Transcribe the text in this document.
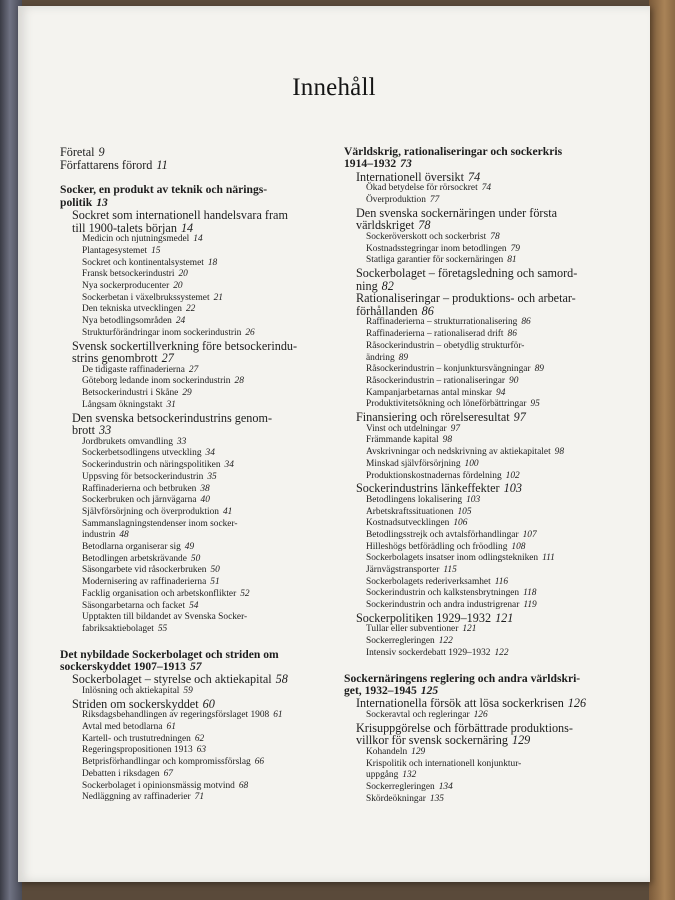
Innehåll
Företal 9
Författarens förord 11
Socker, en produkt av teknik och närings-
politik 13
Sockret som internationell handelsvara fram
till 1900-talets början 14
Medicin och njutningsmedel 14
Plantagesystemet 15
Sockret och kontinentalsystemet 18
Fransk betsockerindustri 20
Nya sockerproducenter 20
Sockerbetan i växelbrukssystemet 21
Den tekniska utvecklingen 22
Nya betodlingsområden 24
Strukturförändringar inom sockerindustrin 26
Svensk sockertillverkning före betsockerindu-
strins genombrott 27
De tidigaste raffinaderierna 27
Göteborg ledande inom sockerindustrin 28
Betsockerindustri i Skåne 29
Långsam ökningstakt 31
Den svenska betsockerindustrins genom-
brott 33
Jordbrukets omvandling 33
Sockerbetsodlingens utveckling 34
Sockerindustrin och näringspolitiken 34
Uppsving för betsockerindustrin 35
Raffinaderierna och betbruken 38
Sockerbruken och järnvägarna 40
Självförsörjning och överproduktion 41
Sammanslagningstendenser inom socker-
industrin 48
Betodlarna organiserar sig 49
Betodlingen arbetskrävande 50
Säsongarbete vid råsockerbruken 50
Modernisering av raffinaderierna 51
Facklig organisation och arbetskonflikter 52
Säsongarbetarna och facket 54
Upptakten till bildandet av Svenska Socker-
fabriksaktiebolaget 55
Det nybildade Sockerbolaget och striden om
sockerskyddet 1907–1913 57
Sockerbolaget – styrelse och aktiekapital 58
Inlösning och aktiekapital 59
Striden om sockerskyddet 60
Riksdagsbehandlingen av regeringsförslaget 1908 61
Avtal med betodlarna 61
Kartell- och trustutredningen 62
Regeringspropositionen 1913 63
Betprisförhandlingar och kompromissförslag 66
Debatten i riksdagen 67
Sockerbolaget i opinionsmässig motvind 68
Nedläggning av raffinaderier 71
Världskrig, rationaliseringar och sockerkris
1914–1932 73
Internationell översikt 74
Ökad betydelse för rörsockret 74
Överproduktion 77
Den svenska sockernäringen under första
världskriget 78
Sockeröverskott och sockerbrist 78
Kostnadsstegringar inom betodlingen 79
Statliga garantier för sockernäringen 81
Sockerbolaget – företagsledning och samord-
ning 82
Rationaliseringar – produktions- och arbetar-
förhållanden 86
Raffinaderierna – strukturrationalisering 86
Raffinaderierna – rationaliserad drift 86
Råsockerindustrin – obetydlig strukturför-
ändring 89
Råsockerindustrin – konjunktursvängningar 89
Råsockerindustrin – rationaliseringar 90
Kampanjarbetarnas antal minskar 94
Produktivitetsökning och löneförbättringar 95
Finansiering och rörelseresultat 97
Vinst och utdelningar 97
Främmande kapital 98
Avskrivningar och nedskrivning av aktiekapitalet 98
Minskad självförsörjning 100
Produktionskostnadernas fördelning 102
Sockerindustrins länkeffekter 103
Betodlingens lokalisering 103
Arbetskraftssituationen 105
Kostnadsutvecklingen 106
Betodlingsstrejk och avtalsförhandlingar 107
Hilleshögs betförädling och fröodling 108
Sockerbolagets insatser inom odlingstekniken 111
Järnvägstransporter 115
Sockerbolagets rederiverksamhet 116
Sockerindustrin och kalkstensbrytningen 118
Sockerindustrin och andra industrigrenar 119
Sockerpolitiken 1929–1932 121
Tullar eller subventioner 121
Sockerregleringen 122
Intensiv sockerdebatt 1929–1932 122
Sockernäringens reglering och andra världskri-
get, 1932–1945 125
Internationella försök att lösa sockerkrisen 126
Sockeravtal och regleringar 126
Krisuppgörelse och förbättrade produktions-
villkor för svensk sockernäring 129
Kohandeln 129
Krispolitik och internationell konjunktur-
uppgång 132
Sockerregleringen 134
Skördeökningar 135
